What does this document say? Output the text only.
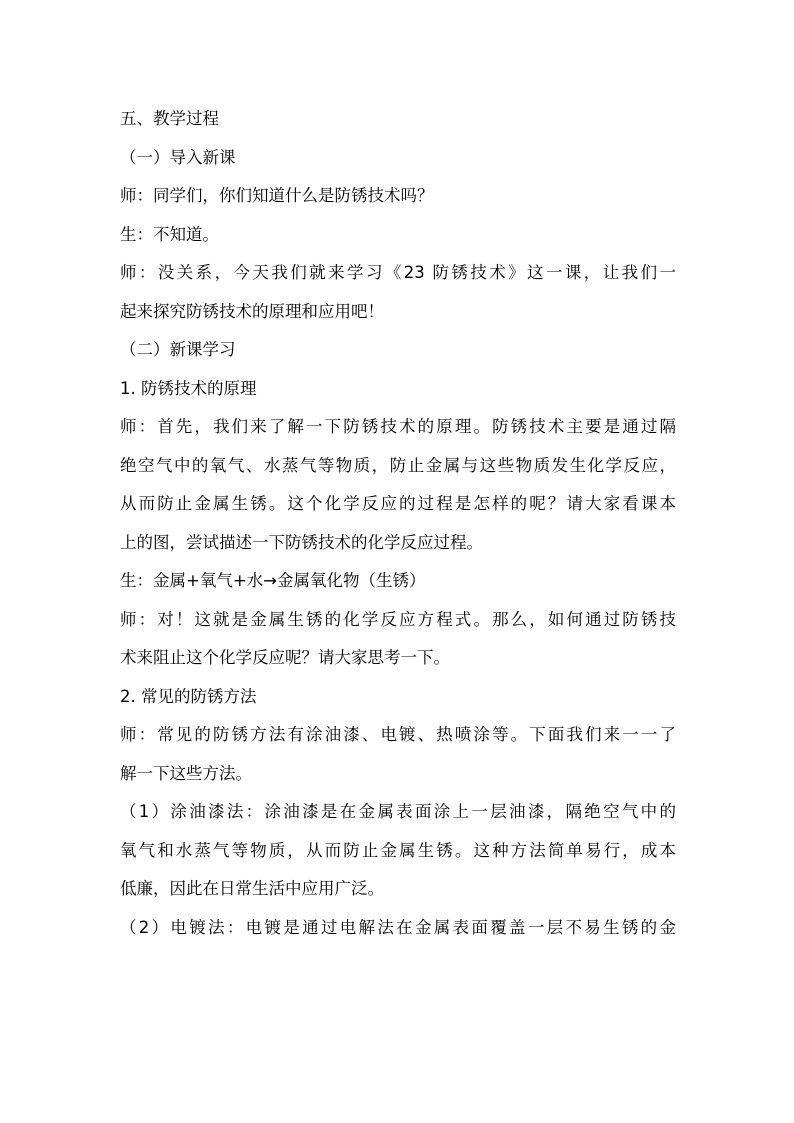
五、教学过程
（一）导入新课
师：同学们，你们知道什么是防锈技术吗？
生：不知道。
师：没关系，今天我们就来学习《23 防锈技术》这一课，让我们一
起来探究防锈技术的原理和应用吧！
（二）新课学习
1. 防锈技术的原理
师：首先，我们来了解一下防锈技术的原理。防锈技术主要是通过隔
绝空气中的氧气、水蒸气等物质，防止金属与这些物质发生化学反应，
从而防止金属生锈。这个化学反应的过程是怎样的呢？请大家看课本
上的图，尝试描述一下防锈技术的化学反应过程。
生：金属+氧气+水→金属氧化物（生锈）
师：对！这就是金属生锈的化学反应方程式。那么，如何通过防锈技
术来阻止这个化学反应呢？请大家思考一下。
2. 常见的防锈方法
师：常见的防锈方法有涂油漆、电镀、热喷涂等。下面我们来一一了
解一下这些方法。
（1）涂油漆法：涂油漆是在金属表面涂上一层油漆，隔绝空气中的
氧气和水蒸气等物质，从而防止金属生锈。这种方法简单易行，成本
低廉，因此在日常生活中应用广泛。
（2）电镀法：电镀是通过电解法在金属表面覆盖一层不易生锈的金
